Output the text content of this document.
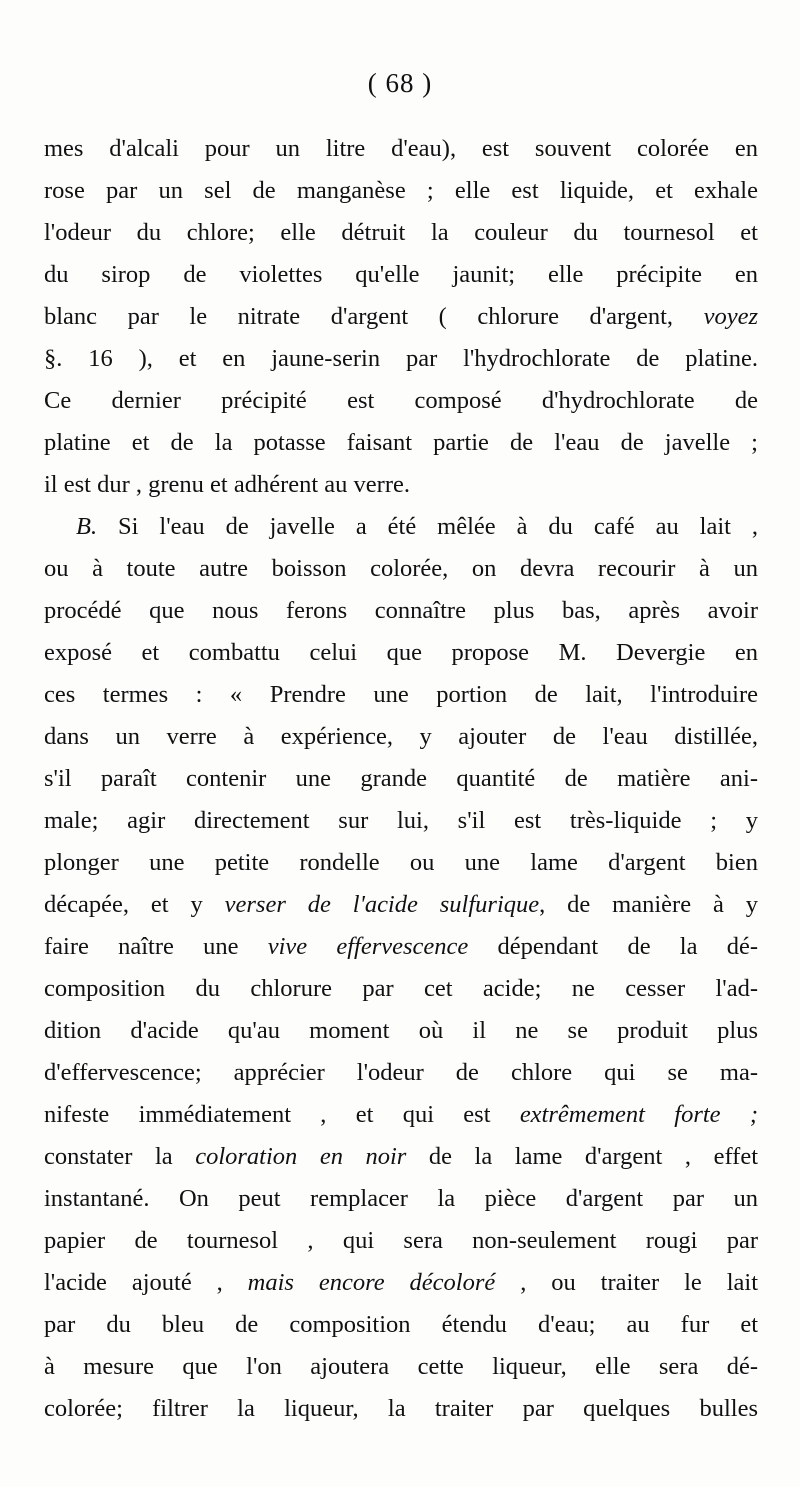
( 68 )
mes d'alcali pour un litre d'eau), est souvent colorée en
rose par un sel de manganèse ; elle est liquide, et exhale
l'odeur du chlore; elle détruit la couleur du tournesol et
du sirop de violettes qu'elle jaunit; elle précipite en
blanc par le nitrate d'argent ( chlorure d'argent, voyez
§. 16 ), et en jaune-serin par l'hydrochlorate de platine.
Ce dernier précipité est composé d'hydrochlorate de
platine et de la potasse faisant partie de l'eau de javelle ;
il est dur , grenu et adhérent au verre.
B. Si l'eau de javelle a été mêlée à du café au lait ,
ou à toute autre boisson colorée, on devra recourir à un
procédé que nous ferons connaître plus bas, après avoir
exposé et combattu celui que propose M. Devergie en
ces termes : « Prendre une portion de lait, l'introduire
dans un verre à expérience, y ajouter de l'eau distillée,
s'il paraît contenir une grande quantité de matière ani-
male; agir directement sur lui, s'il est très-liquide ; y
plonger une petite rondelle ou une lame d'argent bien
décapée, et y verser de l'acide sulfurique, de manière à y
faire naître une vive effervescence dépendant de la dé-
composition du chlorure par cet acide; ne cesser l'ad-
dition d'acide qu'au moment où il ne se produit plus
d'effervescence; apprécier l'odeur de chlore qui se ma-
nifeste immédiatement , et qui est extrêmement forte ;
constater la coloration en noir de la lame d'argent , effet
instantané. On peut remplacer la pièce d'argent par un
papier de tournesol , qui sera non-seulement rougi par
l'acide ajouté , mais encore décoloré , ou traiter le lait
par du bleu de composition étendu d'eau; au fur et
à mesure que l'on ajoutera cette liqueur, elle sera dé-
colorée; filtrer la liqueur, la traiter par quelques bulles
